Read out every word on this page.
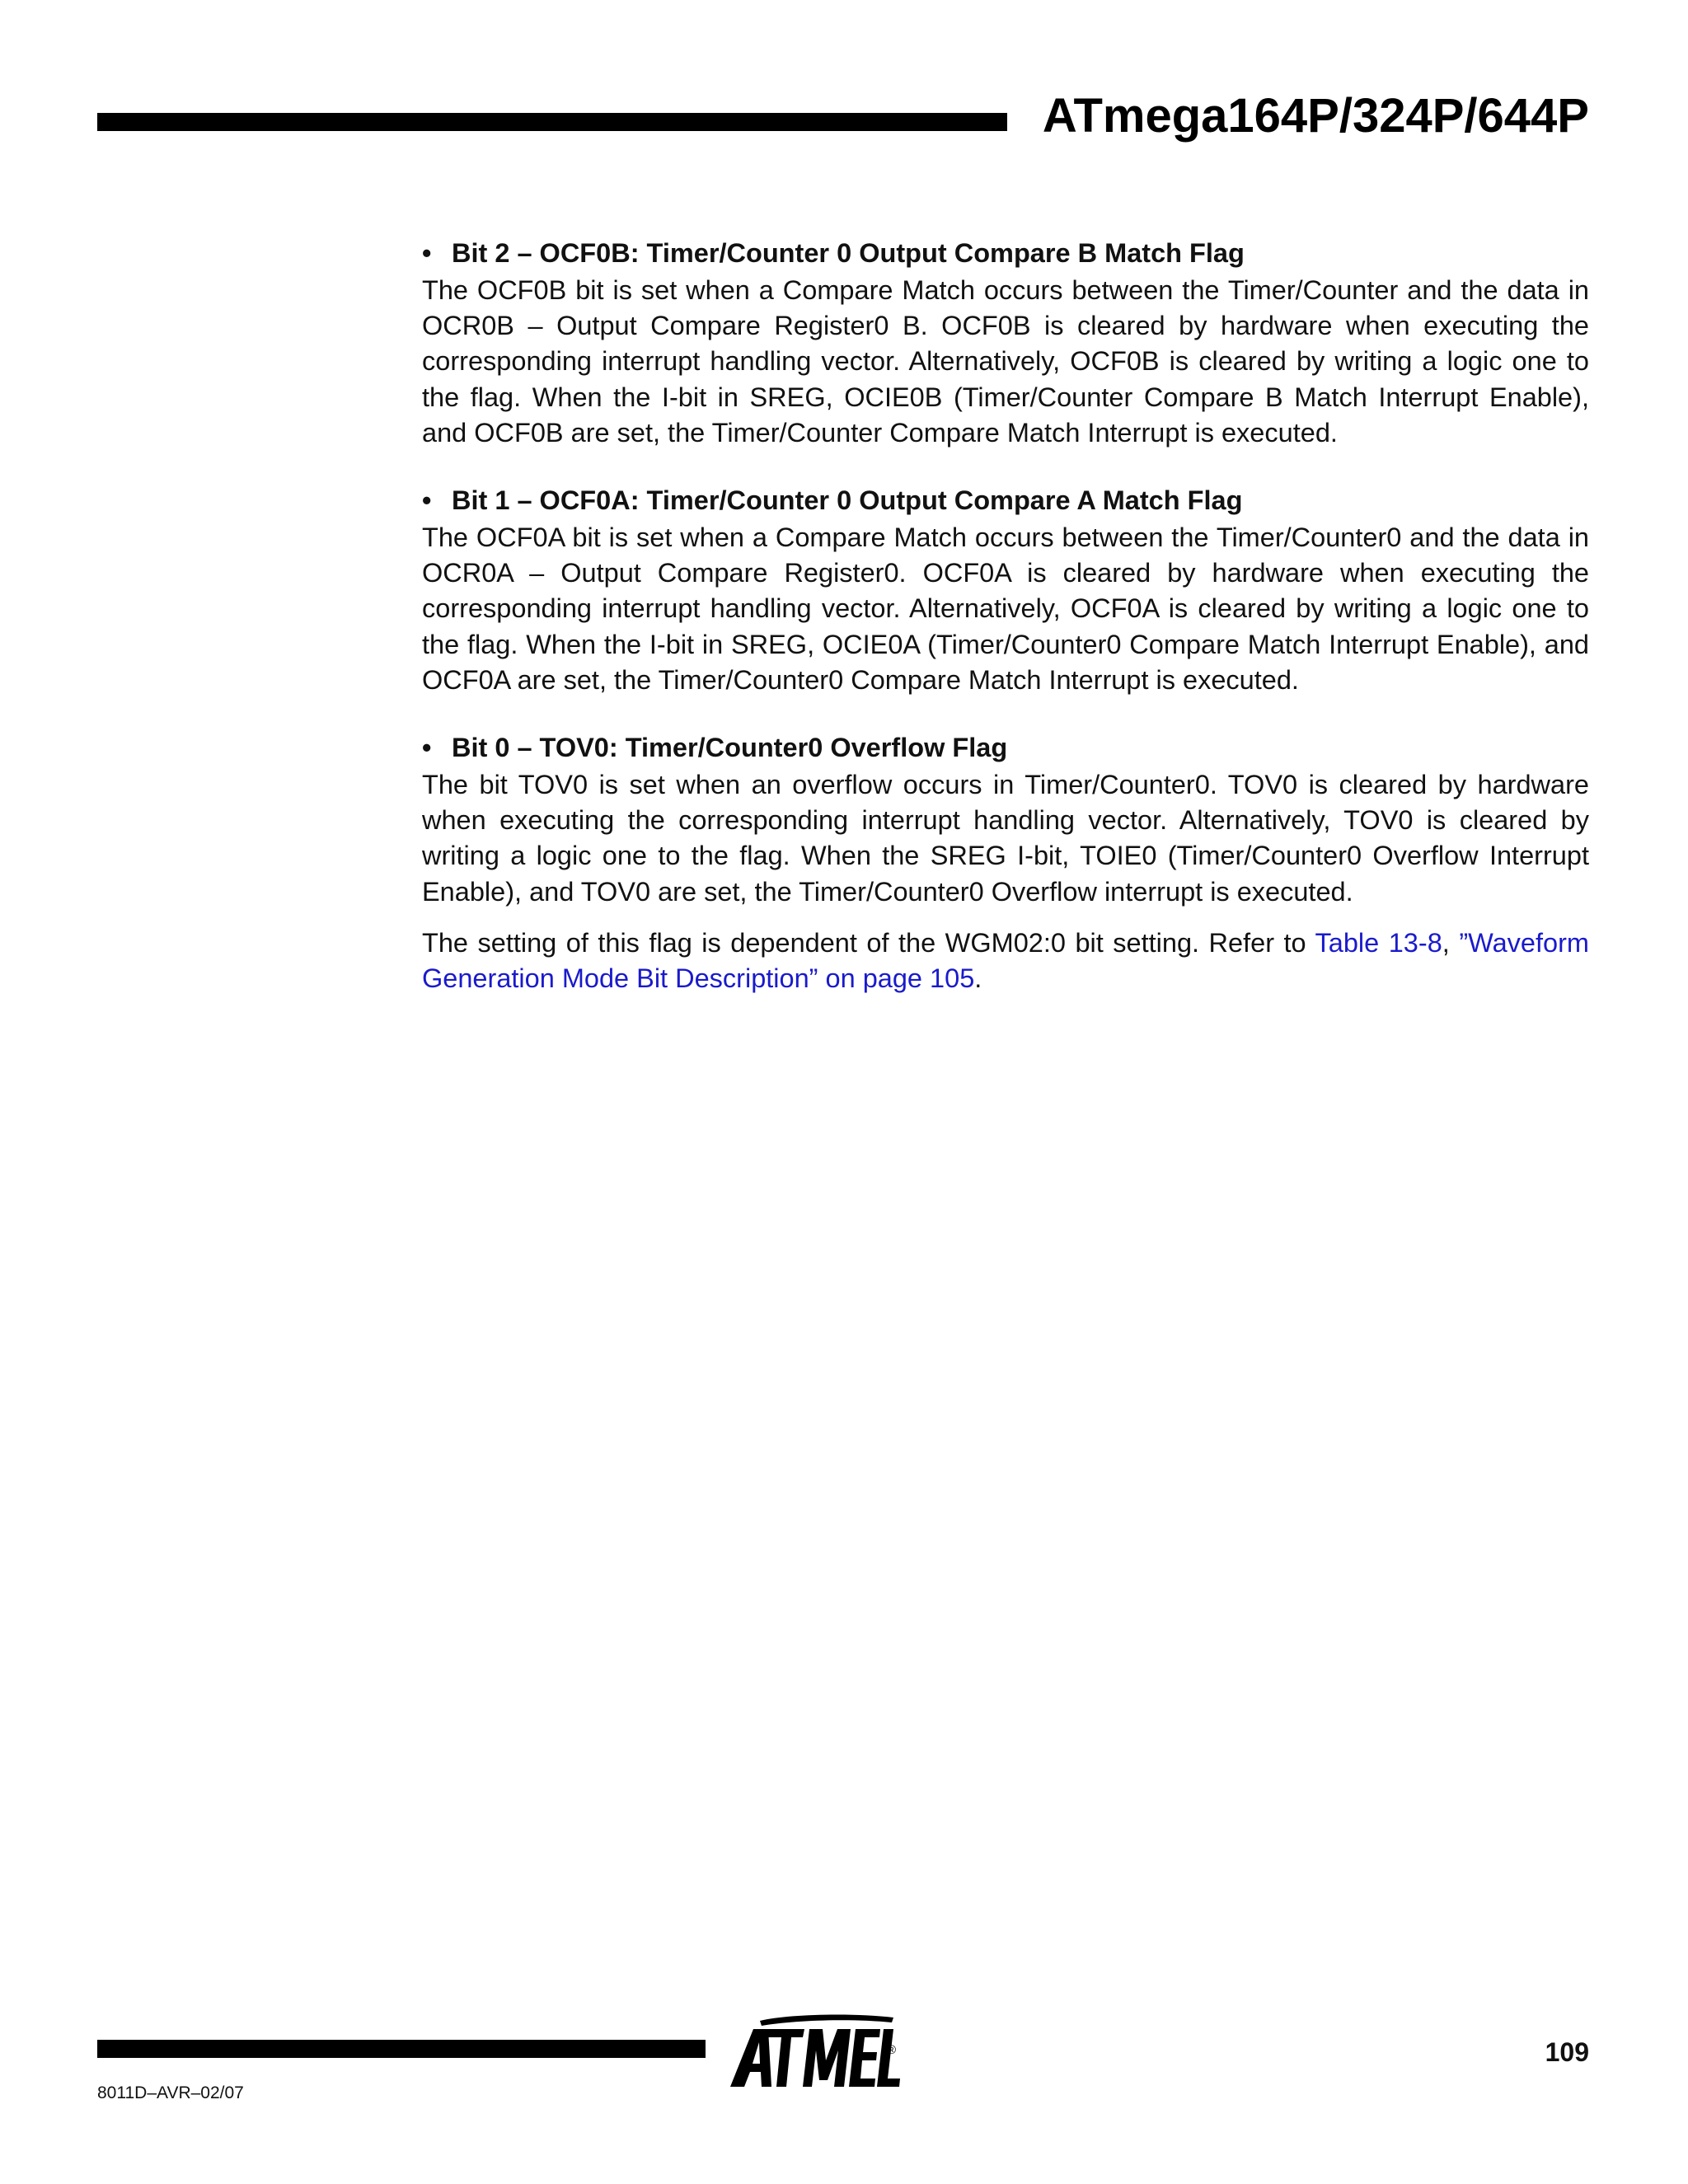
ATmega164P/324P/644P

• Bit 2 – OCF0B: Timer/Counter 0 Output Compare B Match Flag

The OCF0B bit is set when a Compare Match occurs between the Timer/Counter and the data in OCR0B – Output Compare Register0 B. OCF0B is cleared by hardware when executing the corresponding interrupt handling vector. Alternatively, OCF0B is cleared by writing a logic one to the flag. When the I-bit in SREG, OCIE0B (Timer/Counter Compare B Match Interrupt Enable), and OCF0B are set, the Timer/Counter Compare Match Interrupt is executed.

• Bit 1 – OCF0A: Timer/Counter 0 Output Compare A Match Flag

The OCF0A bit is set when a Compare Match occurs between the Timer/Counter0 and the data in OCR0A – Output Compare Register0. OCF0A is cleared by hardware when executing the corresponding interrupt handling vector. Alternatively, OCF0A is cleared by writing a logic one to the flag. When the I-bit in SREG, OCIE0A (Timer/Counter0 Compare Match Interrupt Enable), and OCF0A are set, the Timer/Counter0 Compare Match Interrupt is executed.

• Bit 0 – TOV0: Timer/Counter0 Overflow Flag

The bit TOV0 is set when an overflow occurs in Timer/Counter0. TOV0 is cleared by hardware when executing the corresponding interrupt handling vector. Alternatively, TOV0 is cleared by writing a logic one to the flag. When the SREG I-bit, TOIE0 (Timer/Counter0 Overflow Interrupt Enable), and TOV0 are set, the Timer/Counter0 Overflow interrupt is executed.

The setting of this flag is dependent of the WGM02:0 bit setting. Refer to Table 13-8, ”Waveform Generation Mode Bit Description” on page 105.

®	109
8011D–AVR–02/07
